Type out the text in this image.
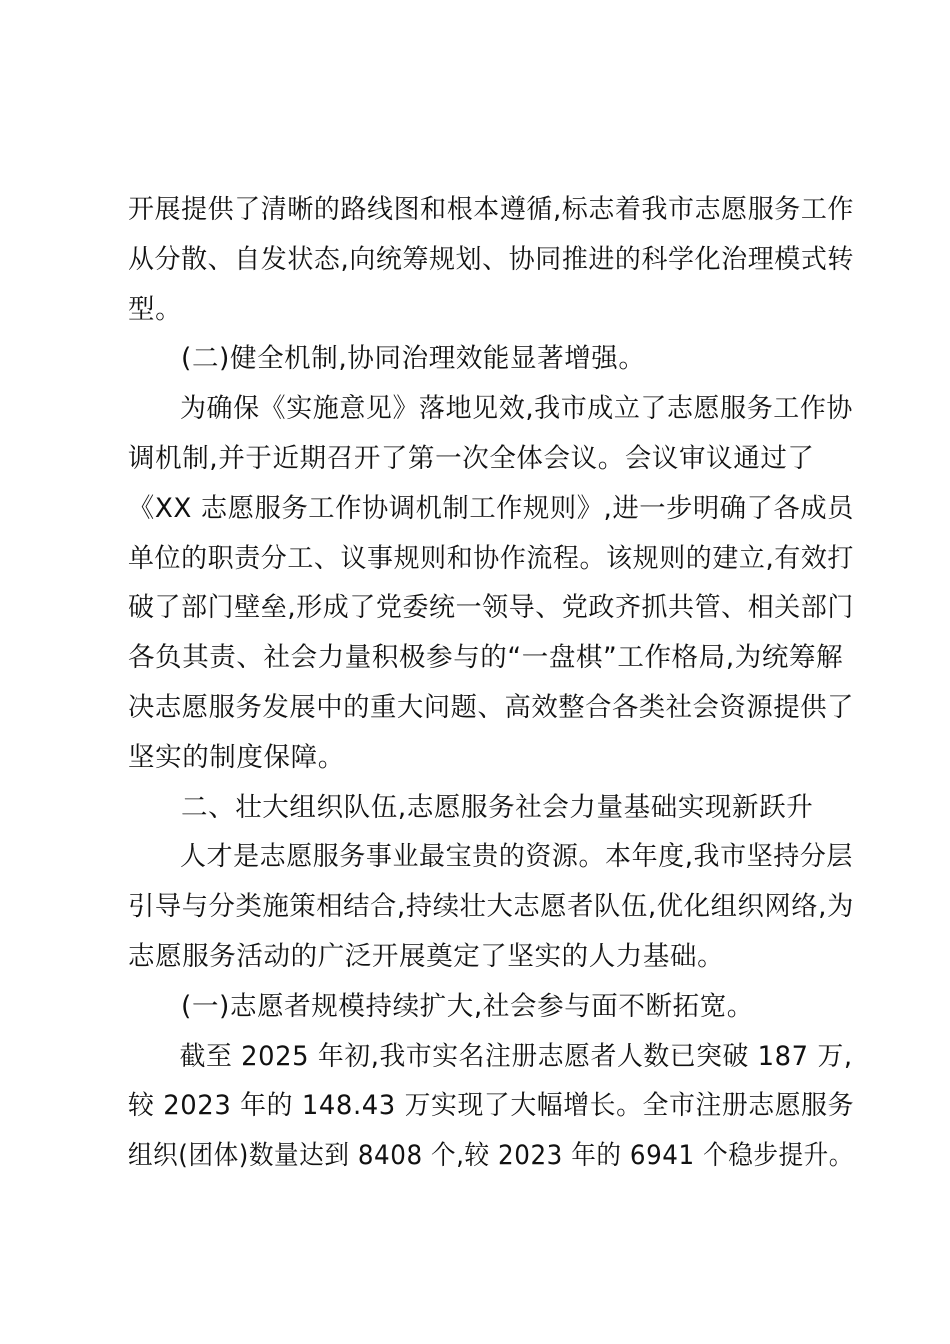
开展提供了清晰的路线图和根本遵循,标志着我市志愿服务工作
从分散、自发状态,向统筹规划、协同推进的科学化治理模式转
型。
(二)健全机制,协同治理效能显著增强。
为确保《实施意见》落地见效,我市成立了志愿服务工作协
调机制,并于近期召开了第一次全体会议。会议审议通过了
《XX 志愿服务工作协调机制工作规则》,进一步明确了各成员
单位的职责分工、议事规则和协作流程。该规则的建立,有效打
破了部门壁垒,形成了党委统一领导、党政齐抓共管、相关部门
各负其责、社会力量积极参与的“一盘棋”工作格局,为统筹解
决志愿服务发展中的重大问题、高效整合各类社会资源提供了
坚实的制度保障。
二、壮大组织队伍,志愿服务社会力量基础实现新跃升
人才是志愿服务事业最宝贵的资源。本年度,我市坚持分层
引导与分类施策相结合,持续壮大志愿者队伍,优化组织网络,为
志愿服务活动的广泛开展奠定了坚实的人力基础。
(一)志愿者规模持续扩大,社会参与面不断拓宽。
截至 2025 年初,我市实名注册志愿者人数已突破 187 万,
较 2023 年的 148.43 万实现了大幅增长。全市注册志愿服务
组织(团体)数量达到 8408 个,较 2023 年的 6941 个稳步提升。
